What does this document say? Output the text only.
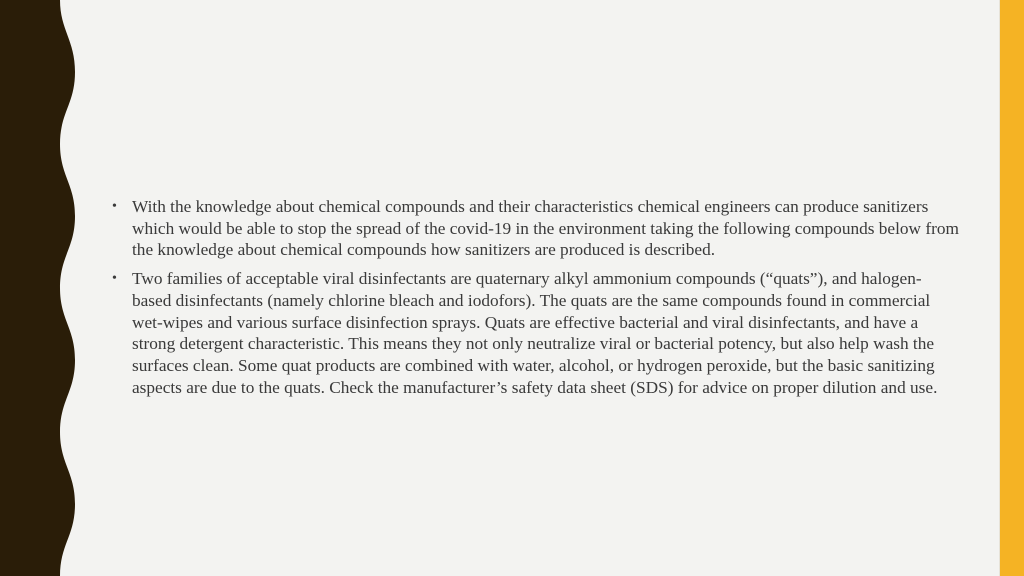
• With the knowledge about chemical compounds and their characteristics chemical engineers can produce sanitizers which would be able to stop the spread of the covid-19 in the environment taking the following compounds below from the knowledge about chemical compounds how sanitizers are produced is described.
• Two families of acceptable viral disinfectants are quaternary alkyl ammonium compounds (“quats”), and halogen-based disinfectants (namely chlorine bleach and iodofors). The quats are the same compounds found in commercial wet-wipes and various surface disinfection sprays. Quats are effective bacterial and viral disinfectants, and have a strong detergent characteristic. This means they not only neutralize viral or bacterial potency, but also help wash the surfaces clean. Some quat products are combined with water, alcohol, or hydrogen peroxide, but the basic sanitizing aspects are due to the quats. Check the manufacturer’s safety data sheet (SDS) for advice on proper dilution and use.
